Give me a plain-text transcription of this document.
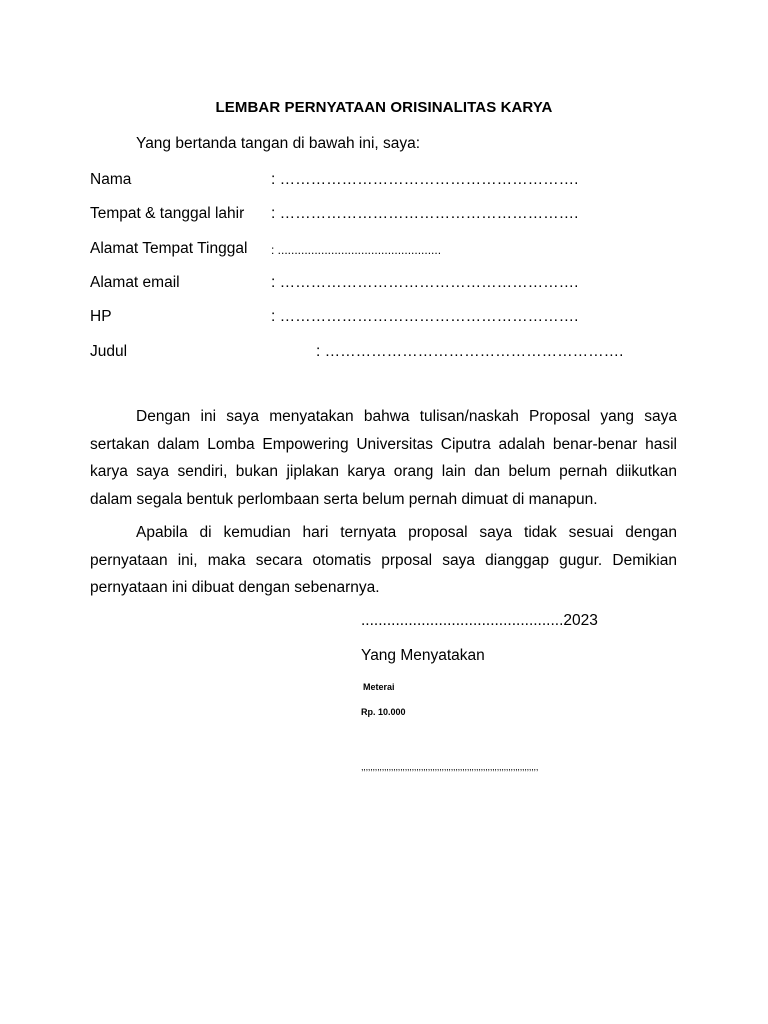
LEMBAR PERNYATAAN ORISINALITAS KARYA
Yang bertanda tangan di bawah ini, saya:
Nama	: ………………………………………………….
Tempat & tanggal lahir : ………………………………………………….
Alamat Tempat Tinggal : .................................................
Alamat email	: ………………………………………………….
HP	: ………………………………………………….
Judul	: ………………………………………………….
Dengan ini saya menyatakan bahwa tulisan/naskah Proposal yang saya sertakan dalam Lomba Empowering Universitas Ciputra adalah benar-benar hasil karya saya sendiri, bukan jiplakan karya orang lain dan belum pernah diikutkan dalam segala bentuk perlombaan serta belum pernah dimuat di manapun.
Apabila di kemudian hari ternyata proposal saya tidak sesuai dengan pernyataan ini, maka secara otomatis prposal saya dianggap gugur. Demikian pernyataan ini dibuat dengan sebenarnya.
...............................................2023
Yang Menyatakan
Meterai
Rp. 10.000
,,,,,,,,,,,,,,,,,,,,,,,,,,,,,,,,,,,,,,,,,,,,,,,,,,,,,,,,,,,,,,,,,,,,,,,,,,,,,
